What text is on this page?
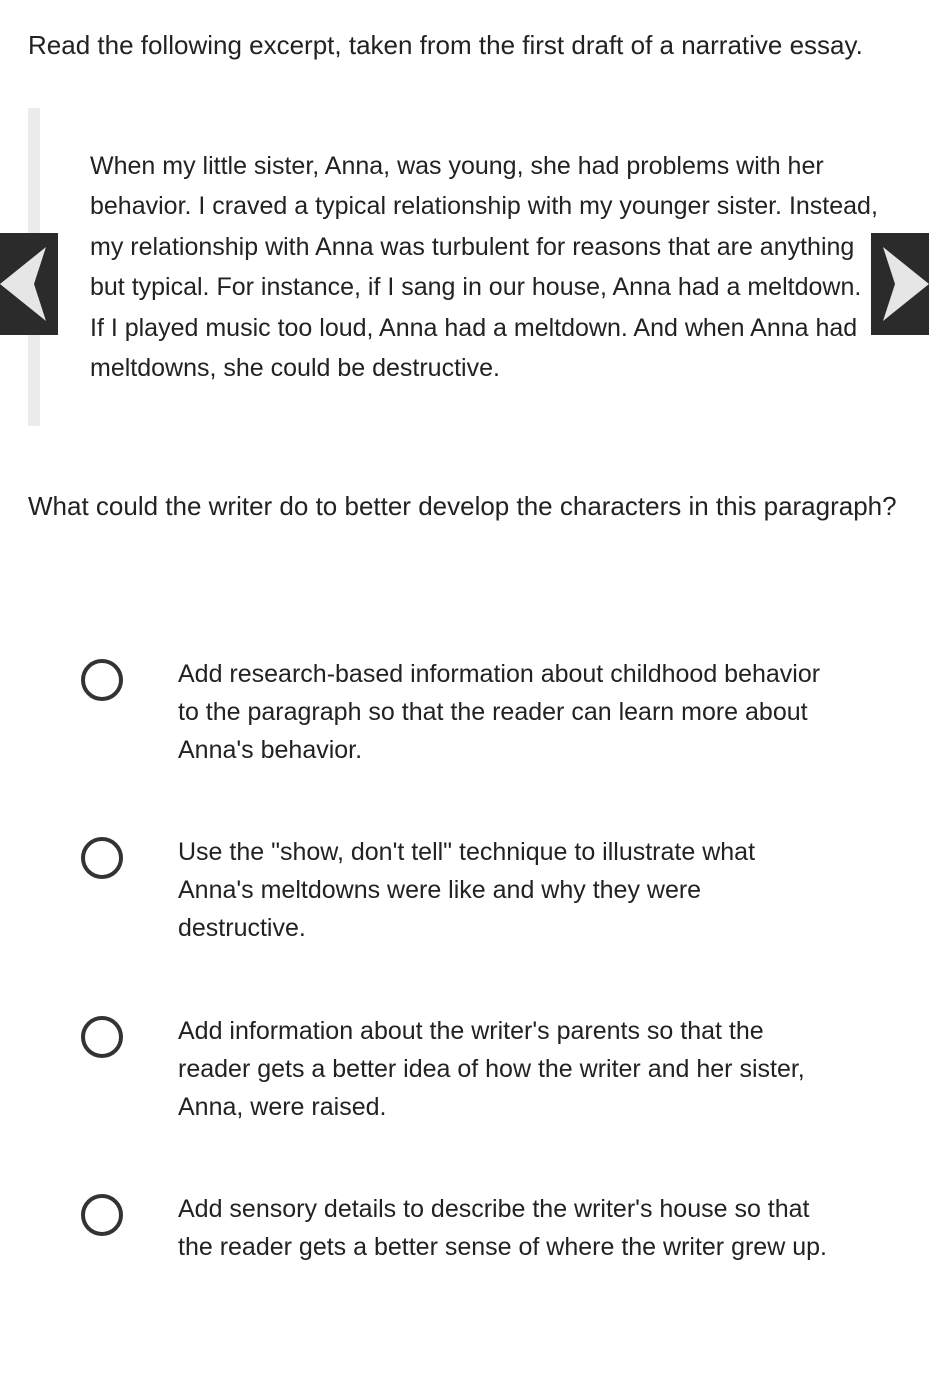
Read the following excerpt, taken from the first draft of a narrative essay.

When my little sister, Anna, was young, she had problems with her behavior. I craved a typical relationship with my younger sister. Instead, my relationship with Anna was turbulent for reasons that are anything but typical. For instance, if I sang in our house, Anna had a meltdown. If I played music too loud, Anna had a meltdown. And when Anna had meltdowns, she could be destructive.

What could the writer do to better develop the characters in this paragraph?

Add research-based information about childhood behavior to the paragraph so that the reader can learn more about Anna's behavior.

Use the "show, don't tell" technique to illustrate what Anna's meltdowns were like and why they were destructive.

Add information about the writer's parents so that the reader gets a better idea of how the writer and her sister, Anna, were raised.

Add sensory details to describe the writer's house so that the reader gets a better sense of where the writer grew up.
